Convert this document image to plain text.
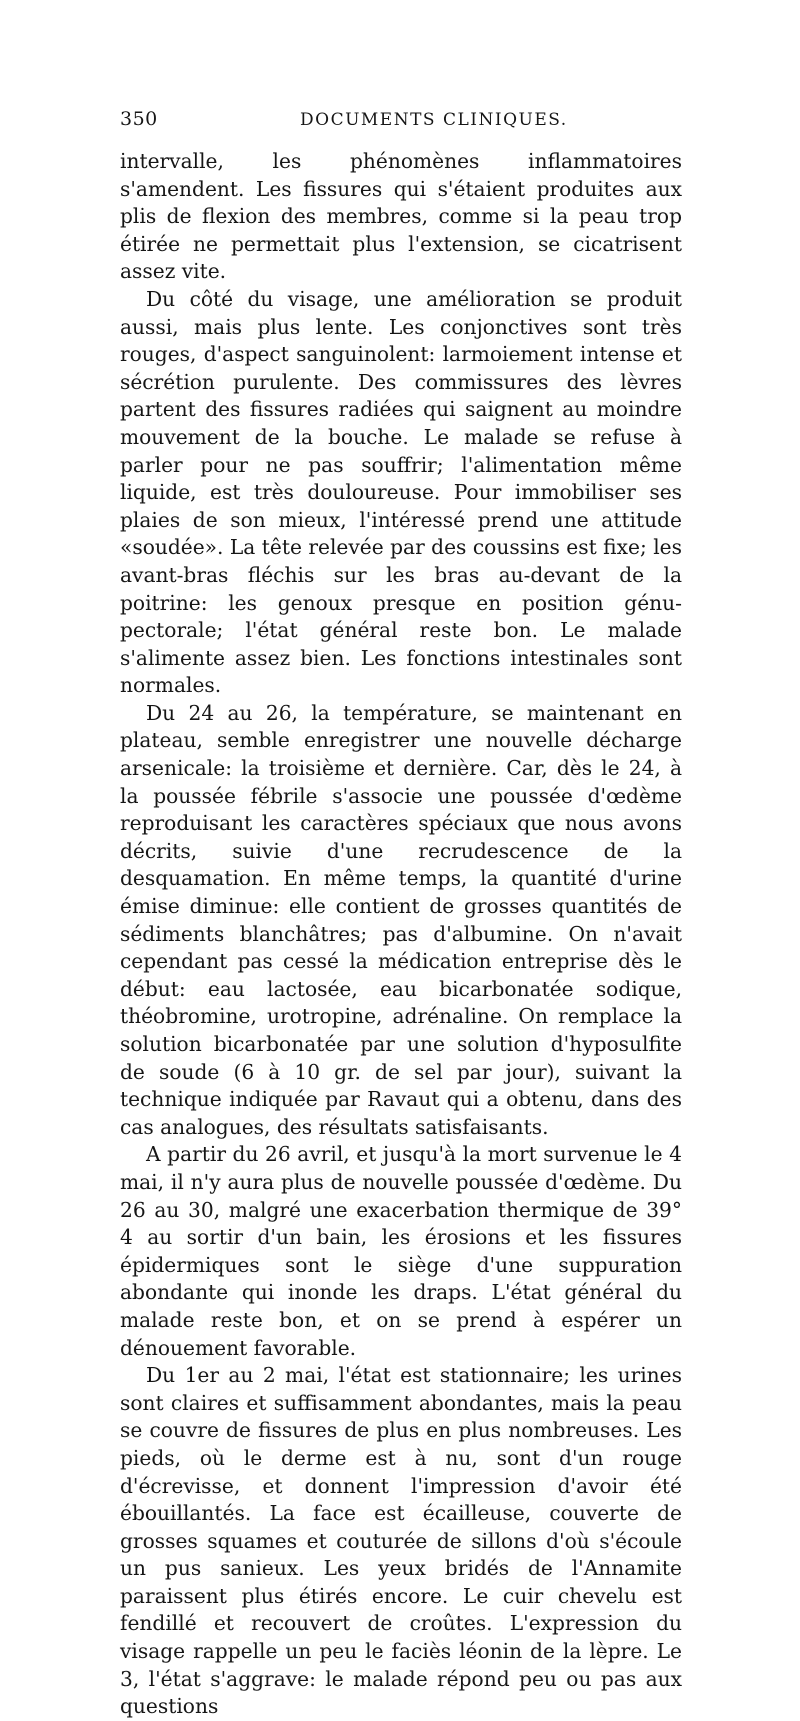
350	DOCUMENTS CLINIQUES.

intervalle, les phénomènes inflammatoires s'amendent. Les fissures qui s'étaient produites aux plis de flexion des membres, comme si la peau trop étirée ne permettait plus l'extension, se cicatrisent assez vite.

Du côté du visage, une amélioration se produit aussi, mais plus lente. Les conjonctives sont très rouges, d'aspect sanguinolent: larmoiement intense et sécrétion purulente. Des commissures des lèvres partent des fissures radiées qui saignent au moindre mouvement de la bouche. Le malade se refuse à parler pour ne pas souffrir; l'alimentation même liquide, est très douloureuse. Pour immobiliser ses plaies de son mieux, l'intéressé prend une attitude «soudée». La tête relevée par des coussins est fixe; les avant-bras fléchis sur les bras au-devant de la poitrine: les genoux presque en position génu-pectorale; l'état général reste bon. Le malade s'alimente assez bien. Les fonctions intestinales sont normales.

Du 24 au 26, la température, se maintenant en plateau, semble enregistrer une nouvelle décharge arsenicale: la troisième et dernière. Car, dès le 24, à la poussée fébrile s'associe une poussée d'œdème reproduisant les caractères spéciaux que nous avons décrits, suivie d'une recrudescence de la desquamation. En même temps, la quantité d'urine émise diminue: elle contient de grosses quantités de sédiments blanchâtres; pas d'albumine. On n'avait cependant pas cessé la médication entreprise dès le début: eau lactosée, eau bicarbonatée sodique, théobromine, urotropine, adrénaline. On remplace la solution bicarbonatée par une solution d'hyposulfite de soude (6 à 10 gr. de sel par jour), suivant la technique indiquée par Ravaut qui a obtenu, dans des cas analogues, des résultats satisfaisants.

A partir du 26 avril, et jusqu'à la mort survenue le 4 mai, il n'y aura plus de nouvelle poussée d'œdème. Du 26 au 30, malgré une exacerbation thermique de 39° 4 au sortir d'un bain, les érosions et les fissures épidermiques sont le siège d'une suppuration abondante qui inonde les draps. L'état général du malade reste bon, et on se prend à espérer un dénouement favorable.

Du 1er au 2 mai, l'état est stationnaire; les urines sont claires et suffisamment abondantes, mais la peau se couvre de fissures de plus en plus nombreuses. Les pieds, où le derme est à nu, sont d'un rouge d'écrevisse, et donnent l'impression d'avoir été ébouillantés. La face est écailleuse, couverte de grosses squames et couturée de sillons d'où s'écoule un pus sanieux. Les yeux bridés de l'Annamite paraissent plus étirés encore. Le cuir chevelu est fendillé et recouvert de croûtes. L'expression du visage rappelle un peu le faciès léonin de la lèpre. Le 3, l'état s'aggrave: le malade répond peu ou pas aux questions
